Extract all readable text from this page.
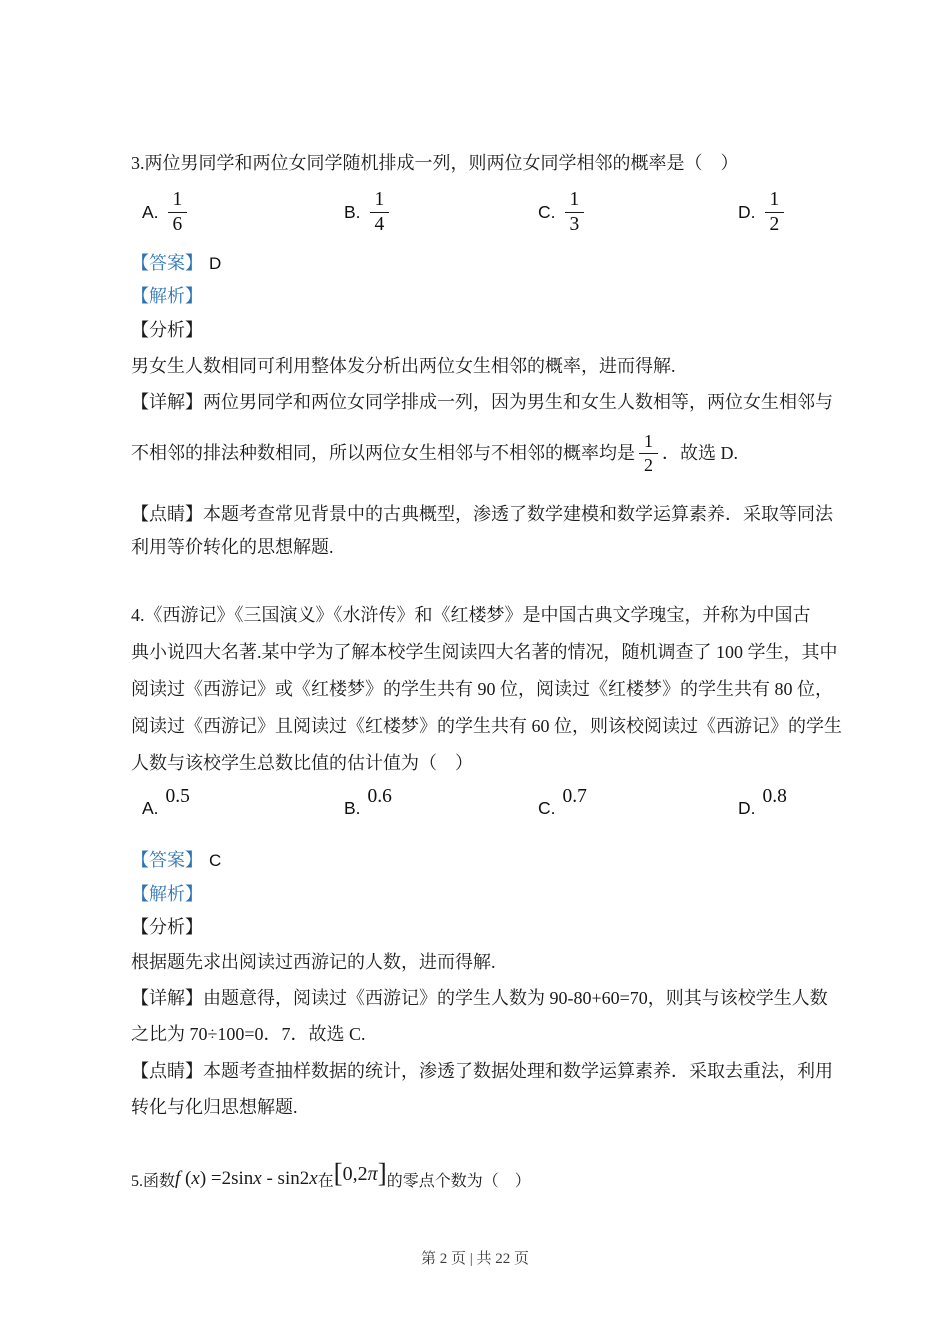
3.两位男同学和两位女同学随机排成一列，则两位女同学相邻的概率是（　）
A. $\frac{1}{6}$	B. $\frac{1}{4}$	C. $\frac{1}{3}$	D. $\frac{1}{2}$
【答案】 D
【解析】
【分析】
男女生人数相同可利用整体发分析出两位女生相邻的概率，进而得解.
【详解】两位男同学和两位女同学排成一列，因为男生和女生人数相等，两位女生相邻与
不相邻的排法种数相同，所以两位女生相邻与不相邻的概率均是 $\frac{1}{2}$ ．故选 D.
【点睛】本题考查常见背景中的古典概型，渗透了数学建模和数学运算素养．采取等同法
利用等价转化的思想解题.
4.《西游记》《三国演义》《水浒传》和《红楼梦》是中国古典文学瑰宝，并称为中国古
典小说四大名著.某中学为了解本校学生阅读四大名著的情况，随机调查了 100 学生，其中
阅读过《西游记》或《红楼梦》的学生共有 90 位，阅读过《红楼梦》的学生共有 80 位，
阅读过《西游记》且阅读过《红楼梦》的学生共有 60 位，则该校阅读过《西游记》的学生
人数与该校学生总数比值的估计值为（　）
A.
0.5
B.
0.6
C.
0.7
D.
0.8
【答案】 C
【解析】
【分析】
根据题先求出阅读过西游记的人数，进而得解.
【详解】由题意得，阅读过《西游记》的学生人数为 90-80+60=70，则其与该校学生人数
之比为 70÷100=0．7．故选 C.
【点睛】本题考查抽样数据的统计，渗透了数据处理和数学运算素养．采取去重法，利用
转化与化归思想解题.
5.函数 f (x) =2sinx - sin2x 在 [0,2π] 的零点个数为（　）
第 2 页 | 共 22 页
